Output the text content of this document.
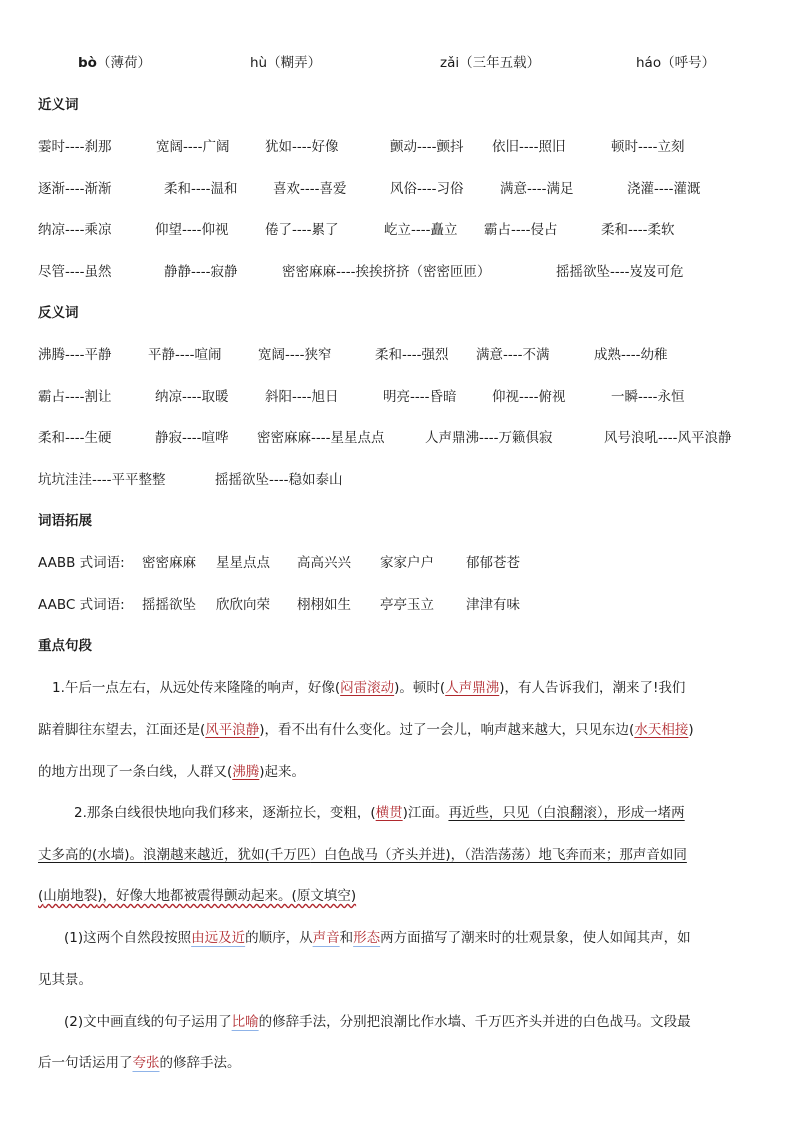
bò（薄荷）	hù（糊弄）	zǎi（三年五载）	háo（呼号）
近义词
霎时----刹那	宽阔----广阔	犹如----好像	颤动----颤抖 依旧----照旧	顿时----立刻
逐渐----渐渐	柔和----温和	喜欢----喜爱	风俗----习俗	满意----满足	浇灌----灌溉
纳凉----乘凉	仰望----仰视	倦了----累了	屹立----矗立 霸占----侵占	柔和----柔软
尽管----虽然	静静----寂静	密密麻麻----挨挨挤挤（密密匝匝）	摇摇欲坠----岌岌可危
反义词
沸腾----平静	平静----喧闹	宽阔----狭窄	柔和----强烈 满意----不满	成熟----幼稚
霸占----割让	纳凉----取暖	斜阳----旭日	明亮----昏暗	仰视----俯视	一瞬----永恒
柔和----生硬	静寂----喧哗 密密麻麻----星星点点	人声鼎沸----万籁俱寂	风号浪吼----风平浪静
坑坑洼洼----平平整整	摇摇欲坠----稳如泰山
词语拓展
AABB 式词语: 密密麻麻 星星点点 高高兴兴 家家户户 郁郁苍苍
AABC 式词语: 摇摇欲坠 欣欣向荣 栩栩如生 亭亭玉立 津津有味
重点句段
1.午后一点左右，从远处传来隆隆的响声，好像(闷雷滚动)。顿时(人声鼎沸)，有人告诉我们，潮来了!我们
踮着脚往东望去，江面还是(风平浪静)，看不出有什么变化。过了一会儿，响声越来越大，只见东边(水天相接)
的地方出现了一条白线，人群又(沸腾)起来。
2.那条白线很快地向我们移来，逐渐拉长，变粗，(横贯)江面。再近些，只见（白浪翻滚），形成一堵两
丈多高的(水墙)。浪潮越来越近，犹如(千万匹）白色战马（齐头并进)，（浩浩荡荡）地飞奔而来；那声音如同
(山崩地裂)，好像大地都被震得颤动起来。(原文填空)
(1)这两个自然段按照由远及近的顺序，从声音和形态两方面描写了潮来时的壮观景象，使人如闻其声，如
见其景。
(2)文中画直线的句子运用了比喻的修辞手法，分别把浪潮比作水墙、千万匹齐头并进的白色战马。文段最
后一句话运用了夸张的修辞手法。
